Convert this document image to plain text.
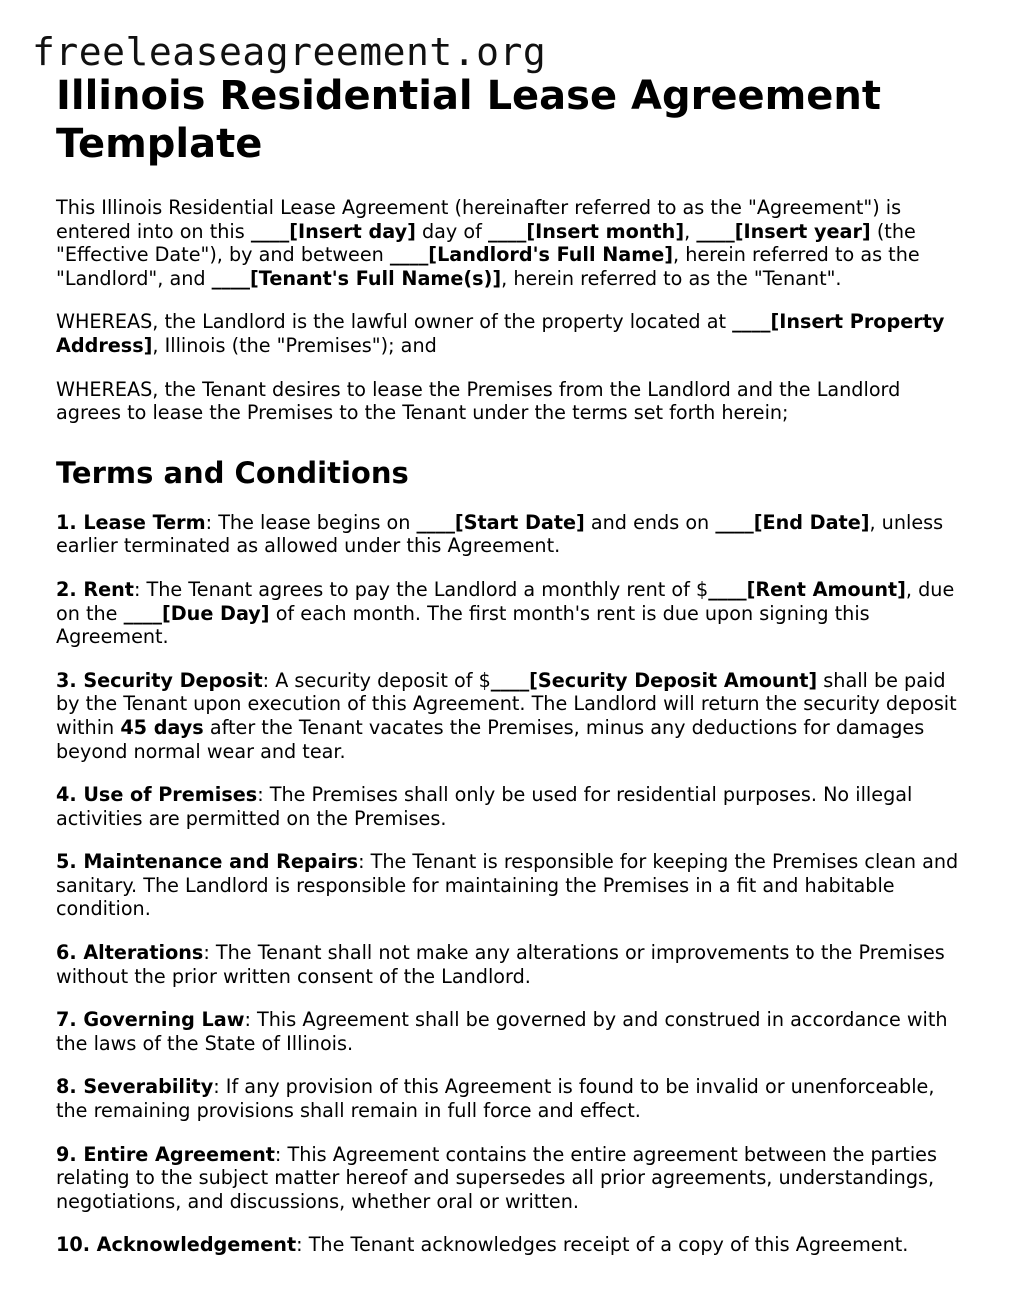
freeleaseagreement.org
Illinois Residential Lease Agreement Template

This Illinois Residential Lease Agreement (hereinafter referred to as the "Agreement") is entered into on this ____[Insert day] day of ____[Insert month], ____[Insert year] (the "Effective Date"), by and between ____[Landlord's Full Name], herein referred to as the "Landlord", and ____[Tenant's Full Name(s)], herein referred to as the "Tenant".

WHEREAS, the Landlord is the lawful owner of the property located at ____[Insert Property Address], Illinois (the "Premises"); and

WHEREAS, the Tenant desires to lease the Premises from the Landlord and the Landlord agrees to lease the Premises to the Tenant under the terms set forth herein;

Terms and Conditions

1. Lease Term: The lease begins on ____[Start Date] and ends on ____[End Date], unless earlier terminated as allowed under this Agreement.

2. Rent: The Tenant agrees to pay the Landlord a monthly rent of $____[Rent Amount], due on the ____[Due Day] of each month. The first month's rent is due upon signing this Agreement.

3. Security Deposit: A security deposit of $____[Security Deposit Amount] shall be paid by the Tenant upon execution of this Agreement. The Landlord will return the security deposit within 45 days after the Tenant vacates the Premises, minus any deductions for damages beyond normal wear and tear.

4. Use of Premises: The Premises shall only be used for residential purposes. No illegal activities are permitted on the Premises.

5. Maintenance and Repairs: The Tenant is responsible for keeping the Premises clean and sanitary. The Landlord is responsible for maintaining the Premises in a fit and habitable condition.

6. Alterations: The Tenant shall not make any alterations or improvements to the Premises without the prior written consent of the Landlord.

7. Governing Law: This Agreement shall be governed by and construed in accordance with the laws of the State of Illinois.

8. Severability: If any provision of this Agreement is found to be invalid or unenforceable, the remaining provisions shall remain in full force and effect.

9. Entire Agreement: This Agreement contains the entire agreement between the parties relating to the subject matter hereof and supersedes all prior agreements, understandings, negotiations, and discussions, whether oral or written.

10. Acknowledgement: The Tenant acknowledges receipt of a copy of this Agreement.
